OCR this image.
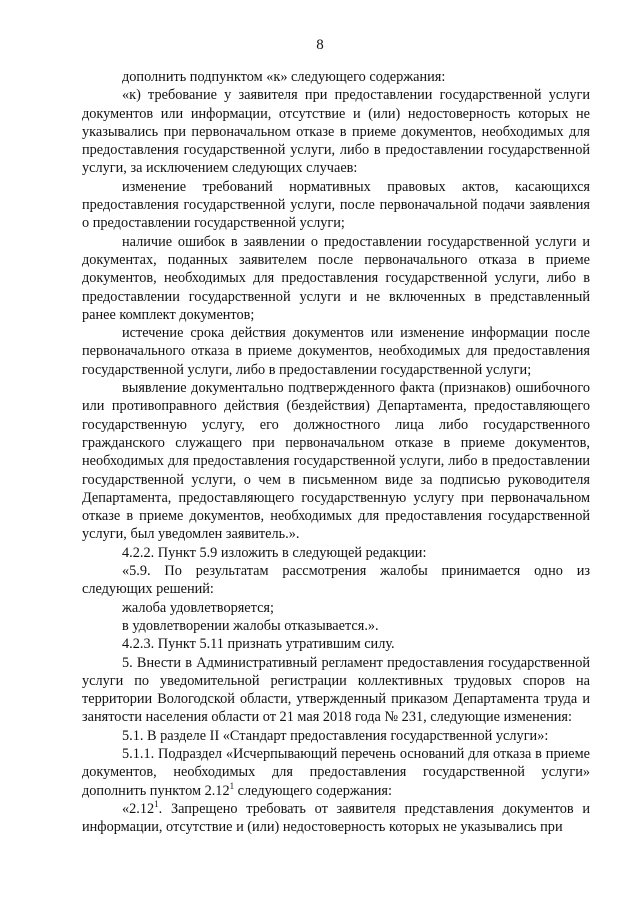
8

дополнить подпунктом «к» следующего содержания:

«к) требование у заявителя при предоставлении государственной услуги документов или информации, отсутствие и (или) недостоверность которых не указывались при первоначальном отказе в приеме документов, необходимых для предоставления государственной услуги, либо в предоставлении государственной услуги, за исключением следующих случаев:

изменение требований нормативных правовых актов, касающихся предоставления государственной услуги, после первоначальной подачи заявления о предоставлении государственной услуги;

наличие ошибок в заявлении о предоставлении государственной услуги и документах, поданных заявителем после первоначального отказа в приеме документов, необходимых для предоставления государственной услуги, либо в предоставлении государственной услуги и не включенных в представленный ранее комплект документов;

истечение срока действия документов или изменение информации после первоначального отказа в приеме документов, необходимых для предоставления государственной услуги, либо в предоставлении государственной услуги;

выявление документально подтвержденного факта (признаков) ошибочного или противоправного действия (бездействия) Департамента, предоставляющего государственную услугу, его должностного лица либо государственного гражданского служащего при первоначальном отказе в приеме документов, необходимых для предоставления государственной услуги, либо в предоставлении государственной услуги, о чем в письменном виде за подписью руководителя Департамента, предоставляющего государственную услугу при первоначальном отказе в приеме документов, необходимых для предоставления государственной услуги, был уведомлен заявитель.».

4.2.2. Пункт 5.9 изложить в следующей редакции:

«5.9. По результатам рассмотрения жалобы принимается одно из следующих решений:

жалоба удовлетворяется;

в удовлетворении жалобы отказывается.».

4.2.3. Пункт 5.11 признать утратившим силу.

5. Внести в Административный регламент предоставления государственной услуги по уведомительной регистрации коллективных трудовых споров на территории Вологодской области, утвержденный приказом Департамента труда и занятости населения области от 21 мая 2018 года № 231, следующие изменения:

5.1. В разделе II «Стандарт предоставления государственной услуги»:

5.1.1. Подраздел «Исчерпывающий перечень оснований для отказа в приеме документов, необходимых для предоставления государственной услуги» дополнить пунктом 2.12$^1$ следующего содержания:

«2.12$^1$. Запрещено требовать от заявителя представления документов и информации, отсутствие и (или) недостоверность которых не указывались при
